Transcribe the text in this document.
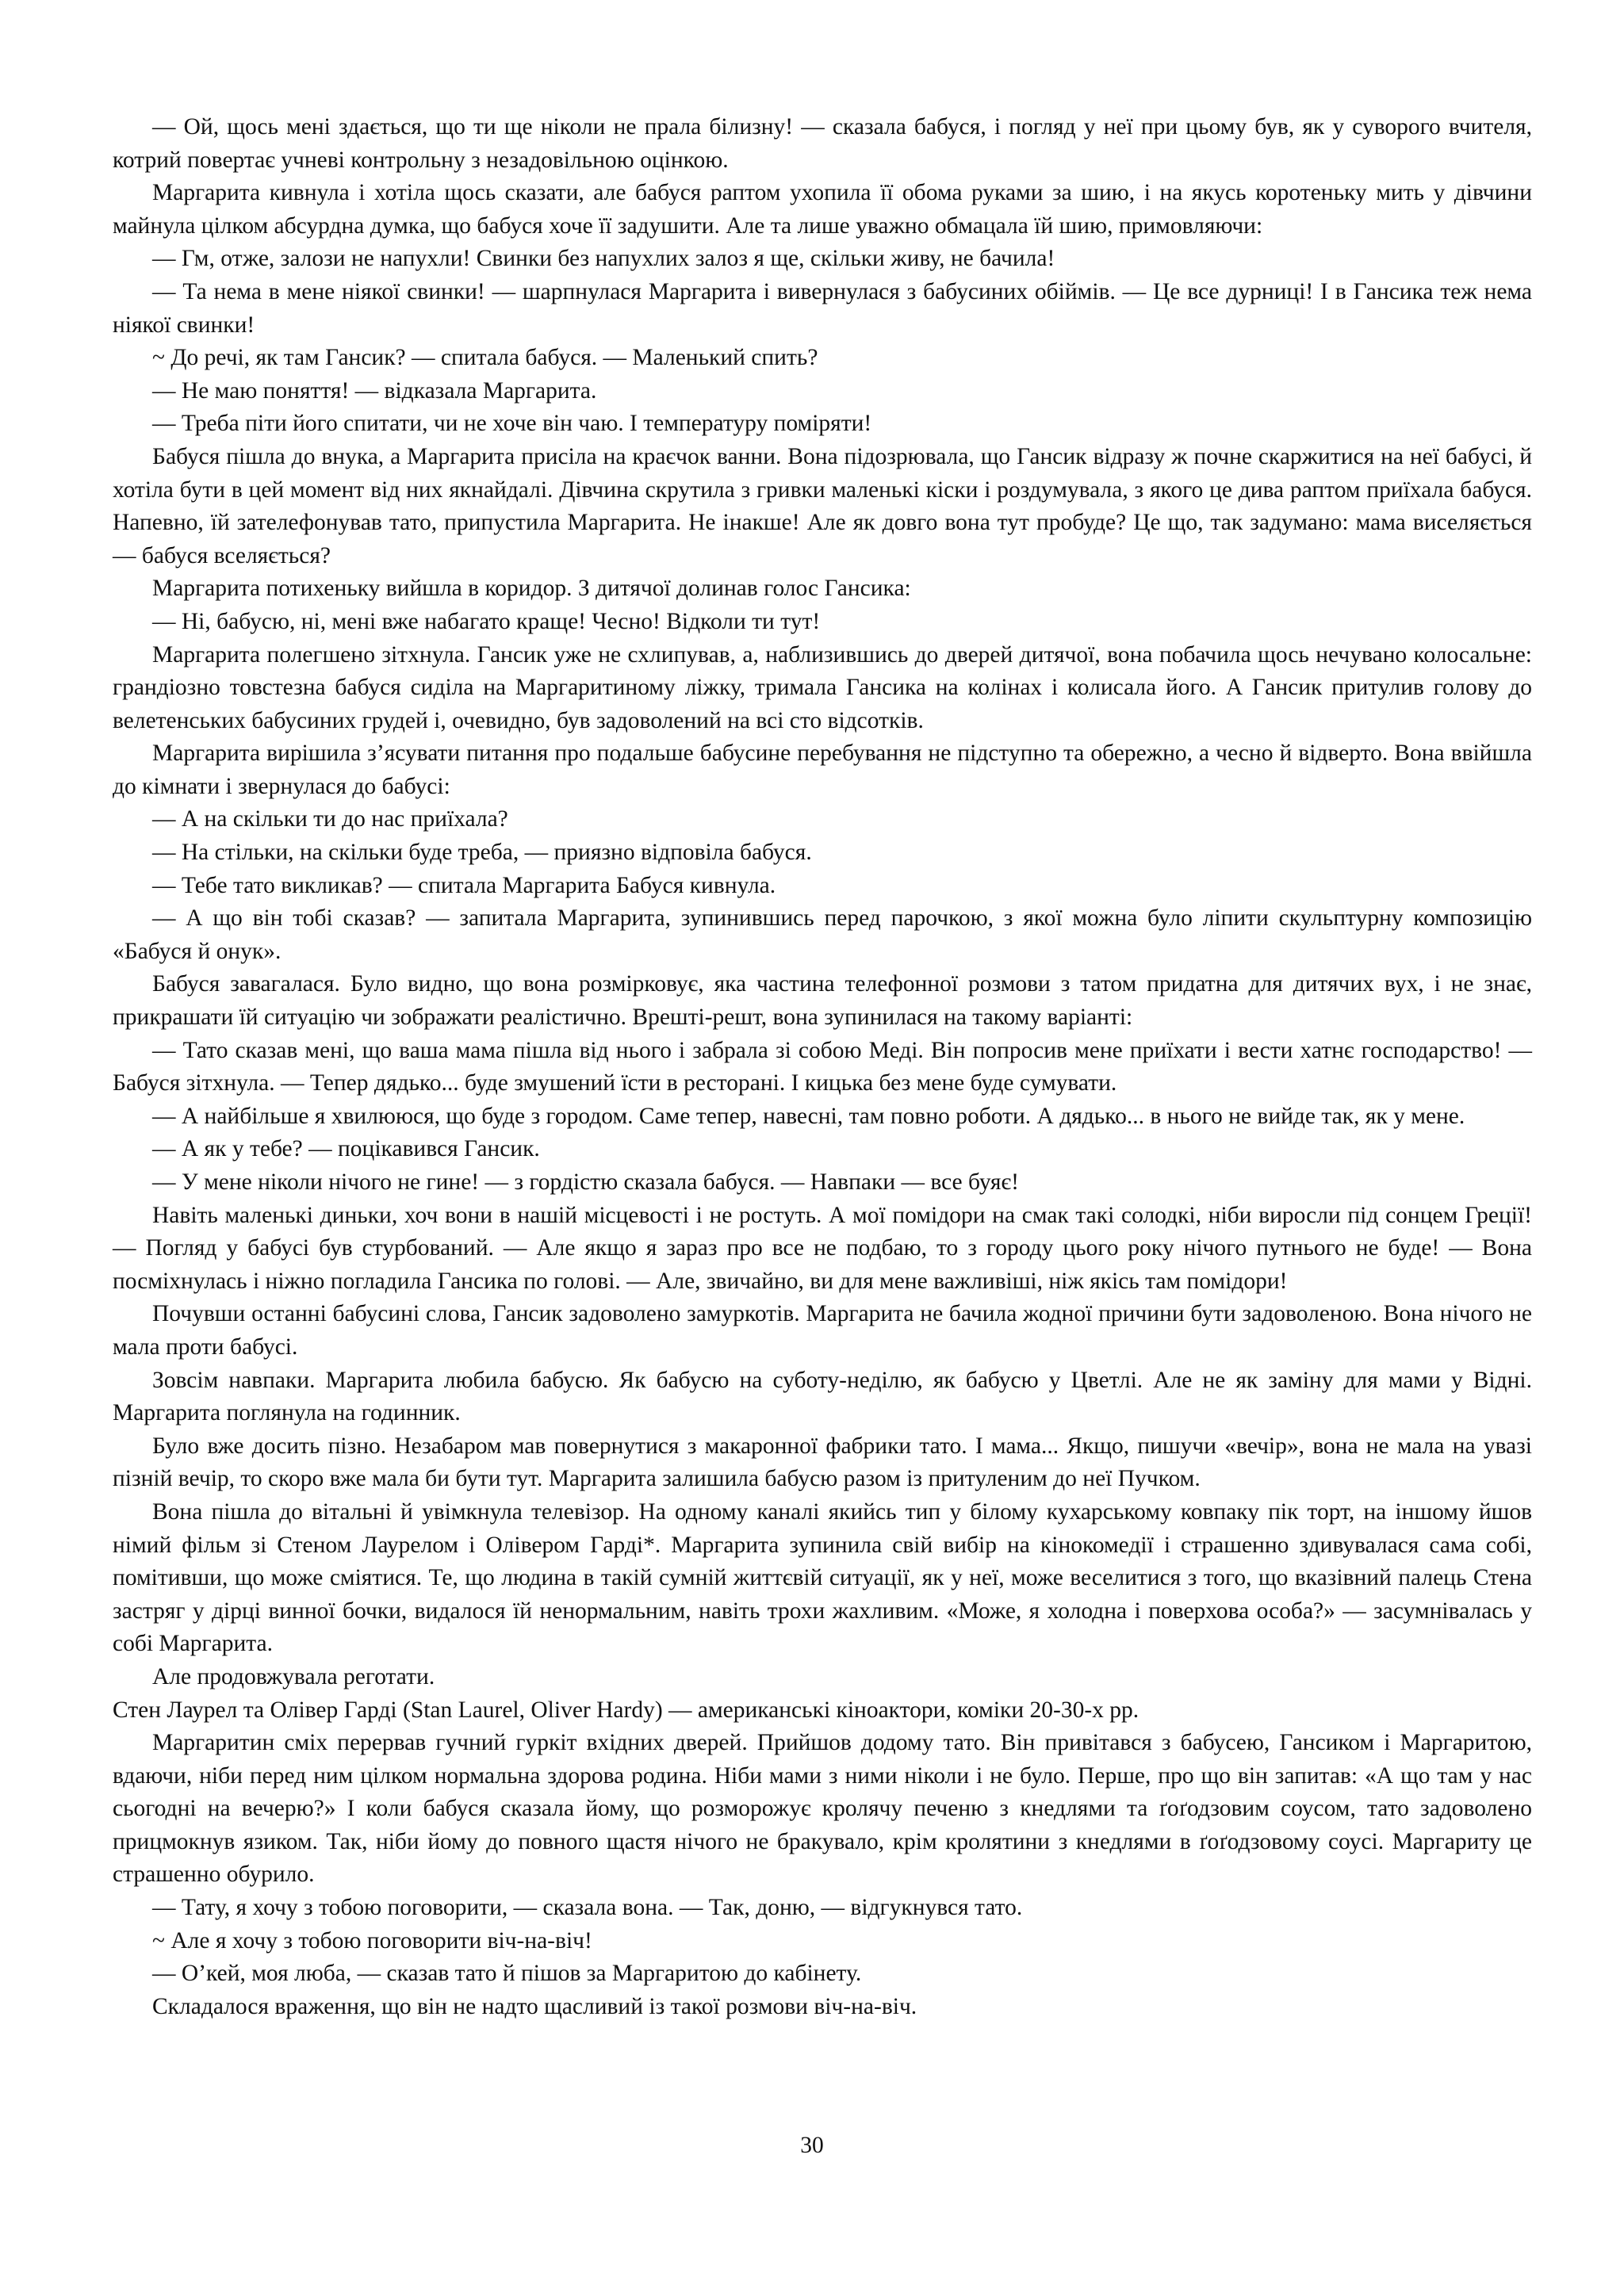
— Ой, щось мені здається, що ти ще ніколи не прала білизну! — сказала бабуся, і погляд у неї при цьому був, як у суворого вчителя, котрий повертає учневі контрольну з незадовільною оцінкою.

Маргарита кивнула і хотіла щось сказати, але бабуся раптом ухопила її обома руками за шию, і на якусь коротеньку мить у дівчини майнула цілком абсурдна думка, що бабуся хоче її задушити. Але та лише уважно обмацала їй шию, примовляючи:

— Гм, отже, залози не напухли! Свинки без напухлих залоз я ще, скільки живу, не бачила!

— Та нема в мене ніякої свинки! — шарпнулася Маргарита і вивернулася з бабусиних обіймів. — Це все дурниці! І в Гансика теж нема ніякої свинки!

~ До речі, як там Гансик? — спитала бабуся. — Маленький спить?

— Не маю поняття! — відказала Маргарита.

— Треба піти його спитати, чи не хоче він чаю. І температуру поміряти!

Бабуся пішла до внука, а Маргарита присіла на краєчок ванни. Вона підозрювала, що Гансик відразу ж почне скаржитися на неї бабусі, й хотіла бути в цей момент від них якнайдалі. Дівчина скрутила з гривки маленькі кіски і роздумувала, з якого це дива раптом приїхала бабуся. Напевно, їй зателефонував тато, припустила Маргарита. Не інакше! Але як довго вона тут пробуде? Це що, так задумано: мама виселяється — бабуся вселяється?

Маргарита потихеньку вийшла в коридор. З дитячої долинав голос Гансика:

— Ні, бабусю, ні, мені вже набагато краще! Чесно! Відколи ти тут!

Маргарита полегшено зітхнула. Гансик уже не схлипував, а, наблизившись до дверей дитячої, вона побачила щось нечувано колосальне: грандіозно товстезна бабуся сиділа на Маргаритиному ліжку, тримала Гансика на колінах і колисала його. А Гансик притулив голову до велетенських бабусиних грудей і, очевидно, був задоволений на всі сто відсотків.

Маргарита вирішила з’ясувати питання про подальше бабусине перебування не підступно та обережно, а чесно й відверто. Вона ввійшла до кімнати і звернулася до бабусі:

— А на скільки ти до нас приїхала?

— На стільки, на скільки буде треба, — приязно відповіла бабуся.

— Тебе тато викликав? — спитала Маргарита Бабуся кивнула.

— А що він тобі сказав? — запитала Маргарита, зупинившись перед парочкою, з якої можна було ліпити скульптурну композицію «Бабуся й онук».

Бабуся завагалася. Було видно, що вона розмірковує, яка частина телефонної розмови з татом придатна для дитячих вух, і не знає, прикрашати їй ситуацію чи зображати реалістично. Врешті-решт, вона зупинилася на такому варіанті:

— Тато сказав мені, що ваша мама пішла від нього і забрала зі собою Меді. Він попросив мене приїхати і вести хатнє господарство! — Бабуся зітхнула. — Тепер дядько... буде змушений їсти в ресторані. І кицька без мене буде сумувати.

— А найбільше я хвилююся, що буде з городом. Саме тепер, навесні, там повно роботи. А дядько... в нього не вийде так, як у мене.

— А як у тебе? — поцікавився Гансик.

— У мене ніколи нічого не гине! — з гордістю сказала бабуся. — Навпаки — все буяє!

Навіть маленькі диньки, хоч вони в нашій місцевості і не ростуть. А мої помідори на смак такі солодкі, ніби виросли під сонцем Греції! — Погляд у бабусі був стурбований. — Але якщо я зараз про все не подбаю, то з городу цього року нічого путнього не буде! — Вона посміхнулась і ніжно погладила Гансика по голові. — Але, звичайно, ви для мене важливіші, ніж якісь там помідори!

Почувши останні бабусині слова, Гансик задоволено замуркотів. Маргарита не бачила жодної причини бути задоволеною. Вона нічого не мала проти бабусі.

Зовсім навпаки. Маргарита любила бабусю. Як бабусю на суботу-неділю, як бабусю у Цветлі. Але не як заміну для мами у Відні. Маргарита поглянула на годинник.

Було вже досить пізно. Незабаром мав повернутися з макаронної фабрики тато. І мама... Якщо, пишучи «вечір», вона не мала на увазі пізній вечір, то скоро вже мала би бути тут. Маргарита залишила бабусю разом із притуленим до неї Пучком.

Вона пішла до вітальні й увімкнула телевізор. На одному каналі якийсь тип у білому кухарському ковпаку пік торт, на іншому йшов німий фільм зі Стеном Лаурелом і Олівером Гарді*. Маргарита зупинила свій вибір на кінокомедії і страшенно здивувалася сама собі, помітивши, що може сміятися. Те, що людина в такій сумній життєвій ситуації, як у неї, може веселитися з того, що вказівний палець Стена застряг у дірці винної бочки, видалося їй ненормальним, навіть трохи жахливим. «Може, я холодна і поверхова особа?» — засумнівалась у собі Маргарита.

Але продовжувала реготати.

Стен Лаурел та Олівер Гарді (Stan Laurel, Oliver Hardy) — американські кіноактори, коміки 20-30-х рр.

Маргаритин сміх перервав гучний гуркіт вхідних дверей. Прийшов додому тато. Він привітався з бабусею, Гансиком і Маргаритою, вдаючи, ніби перед ним цілком нормальна здорова родина. Ніби мами з ними ніколи і не було. Перше, про що він запитав: «А що там у нас сьогодні на вечерю?» І коли бабуся сказала йому, що розморожує кролячу печеню з кнедлями та ґоґодзовим соусом, тато задоволено прицмокнув язиком. Так, ніби йому до повного щастя нічого не бракувало, крім кролятини з кнедлями в ґоґодзовому соусі. Маргариту це страшенно обурило.

— Тату, я хочу з тобою поговорити, — сказала вона. — Так, доню, — відгукнувся тато.

~ Але я хочу з тобою поговорити віч-на-віч!

— О’кей, моя люба, — сказав тато й пішов за Маргаритою до кабінету.

Складалося враження, що він не надто щасливий із такої розмови віч-на-віч.

30
